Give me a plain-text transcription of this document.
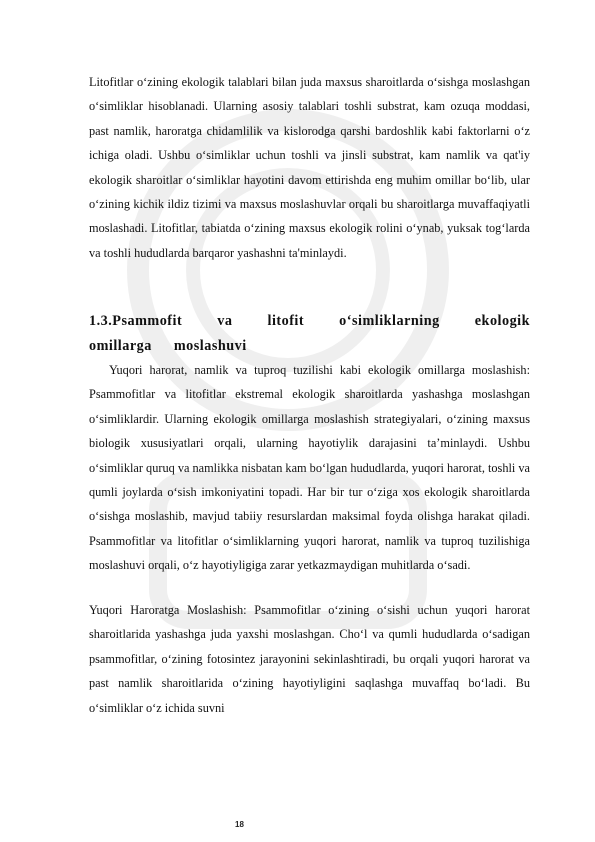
Litofitlar o‘zining ekologik talablari bilan juda maxsus sharoitlarda o‘sishga moslashgan o‘simliklar hisoblanadi. Ularning asosiy talablari toshli substrat, kam ozuqa moddasi, past namlik, haroratga chidamlilik va kislorodga qarshi bardoshlik kabi faktorlarni o‘z ichiga oladi. Ushbu o‘simliklar uchun toshli va jinsli substrat, kam namlik va qat'iy ekologik sharoitlar o‘simliklar hayotini davom ettirishda eng muhim omillar bo‘lib, ular o‘zining kichik ildiz tizimi va maxsus moslashuvlar orqali bu sharoitlarga muvaffaqiyatli moslashadi. Litofitlar, tabiatda o‘zining maxsus ekologik rolini o‘ynab, yuksak tog‘larda va toshli hududlarda barqaror yashashni ta'minlaydi.

1.3.Psammofit va litofit o‘simliklarning ekologik omillarga moslashuvi

Yuqori harorat, namlik va tuproq tuzilishi kabi ekologik omillarga moslashish: Psammofitlar va litofitlar ekstremal ekologik sharoitlarda yashashga moslashgan o‘simliklardir. Ularning ekologik omillarga moslashish strategiyalari, o‘zining maxsus biologik xususiyatlari orqali, ularning hayotiylik darajasini ta’minlaydi. Ushbu o‘simliklar quruq va namlikka nisbatan kam bo‘lgan hududlarda, yuqori harorat, toshli va qumli joylarda o‘sish imkoniyatini topadi. Har bir tur o‘ziga xos ekologik sharoitlarda o‘sishga moslashib, mavjud tabiiy resurslardan maksimal foyda olishga harakat qiladi. Psammofitlar va litofitlar o‘simliklarning yuqori harorat, namlik va tuproq tuzilishiga moslashuvi orqali, o‘z hayotiyligiga zarar yetkazmaydigan muhitlarda o‘sadi.

Yuqori Haroratga Moslashish: Psammofitlar o‘zining o‘sishi uchun yuqori harorat sharoitlarida yashashga juda yaxshi moslashgan. Cho‘l va qumli hududlarda o‘sadigan psammofitlar, o‘zining fotosintez jarayonini sekinlashtiradi, bu orqali yuqori harorat va past namlik sharoitlarida o‘zining hayotiyligini saqlashga muvaffaq bo‘ladi. Bu o‘simliklar o‘z ichida suvni

18
